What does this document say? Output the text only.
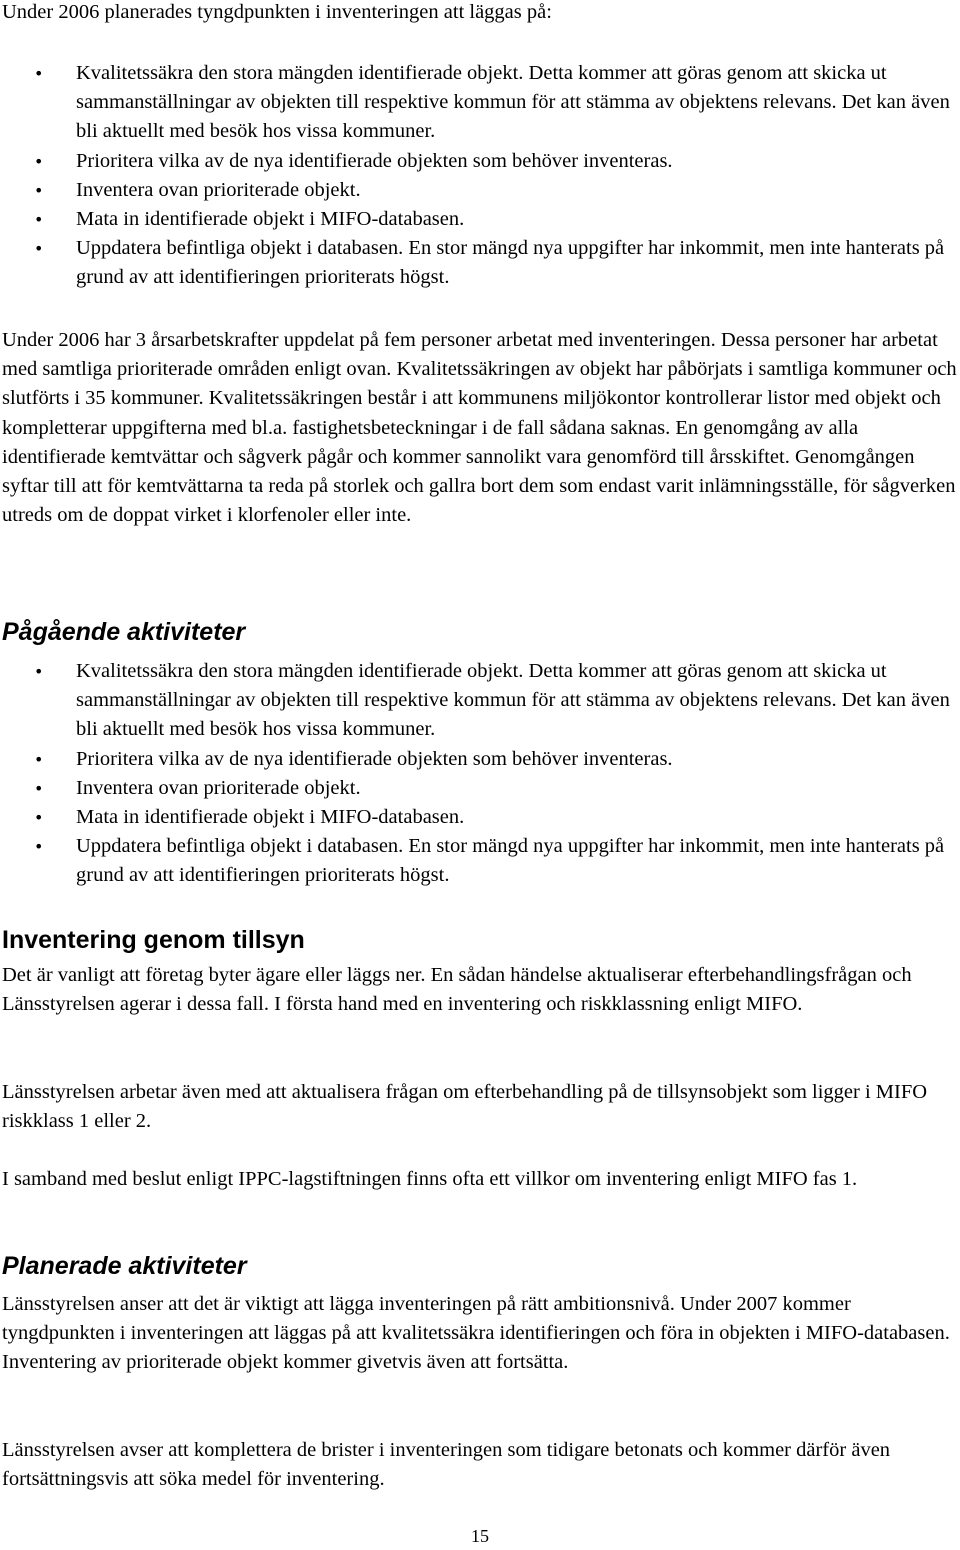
Under 2006 planerades tyngdpunkten i inventeringen att läggas på:

• Kvalitetssäkra den stora mängden identifierade objekt. Detta kommer att göras genom att skicka ut sammanställningar av objekten till respektive kommun för att stämma av objektens relevans. Det kan även bli aktuellt med besök hos vissa kommuner.
• Prioritera vilka av de nya identifierade objekten som behöver inventeras.
• Inventera ovan prioriterade objekt.
• Mata in identifierade objekt i MIFO-databasen.
• Uppdatera befintliga objekt i databasen. En stor mängd nya uppgifter har inkommit, men inte hanterats på grund av att identifieringen prioriterats högst.

Under 2006 har 3 årsarbetskrafter uppdelat på fem personer arbetat med inventeringen. Dessa personer har arbetat med samtliga prioriterade områden enligt ovan. Kvalitetssäkringen av objekt har påbörjats i samtliga kommuner och slutförts i 35 kommuner. Kvalitetssäkringen består i att kommunens miljökontor kontrollerar listor med objekt och kompletterar uppgifterna med bl.a. fastighetsbeteckningar i de fall sådana saknas. En genomgång av alla identifierade kemtvättar och sågverk pågår och kommer sannolikt vara genomförd till årsskiftet. Genomgången syftar till att för kemtvättarna ta reda på storlek och gallra bort dem som endast varit inlämningsställe, för sågverken utreds om de doppat virket i klorfenoler eller inte.

Pågående aktiviteter
• Kvalitetssäkra den stora mängden identifierade objekt. Detta kommer att göras genom att skicka ut sammanställningar av objekten till respektive kommun för att stämma av objektens relevans. Det kan även bli aktuellt med besök hos vissa kommuner.
• Prioritera vilka av de nya identifierade objekten som behöver inventeras.
• Inventera ovan prioriterade objekt.
• Mata in identifierade objekt i MIFO-databasen.
• Uppdatera befintliga objekt i databasen. En stor mängd nya uppgifter har inkommit, men inte hanterats på grund av att identifieringen prioriterats högst.
Inventering genom tillsyn

Det är vanligt att företag byter ägare eller läggs ner. En sådan händelse aktualiserar efterbehandlingsfrågan och Länsstyrelsen agerar i dessa fall. I första hand med en inventering och riskklassning enligt MIFO.

Länsstyrelsen arbetar även med att aktualisera frågan om efterbehandling på de tillsynsobjekt som ligger i MIFO riskklass 1 eller 2.

I samband med beslut enligt IPPC-lagstiftningen finns ofta ett villkor om inventering enligt MIFO fas 1.

Planerade aktiviteter

Länsstyrelsen anser att det är viktigt att lägga inventeringen på rätt ambitionsnivå. Under 2007 kommer tyngdpunkten i inventeringen att läggas på att kvalitetssäkra identifieringen och föra in objekten i MIFO-databasen. Inventering av prioriterade objekt kommer givetvis även att fortsätta.

Länsstyrelsen avser att komplettera de brister i inventeringen som tidigare betonats och kommer därför även fortsättningsvis att söka medel för inventering.

15
